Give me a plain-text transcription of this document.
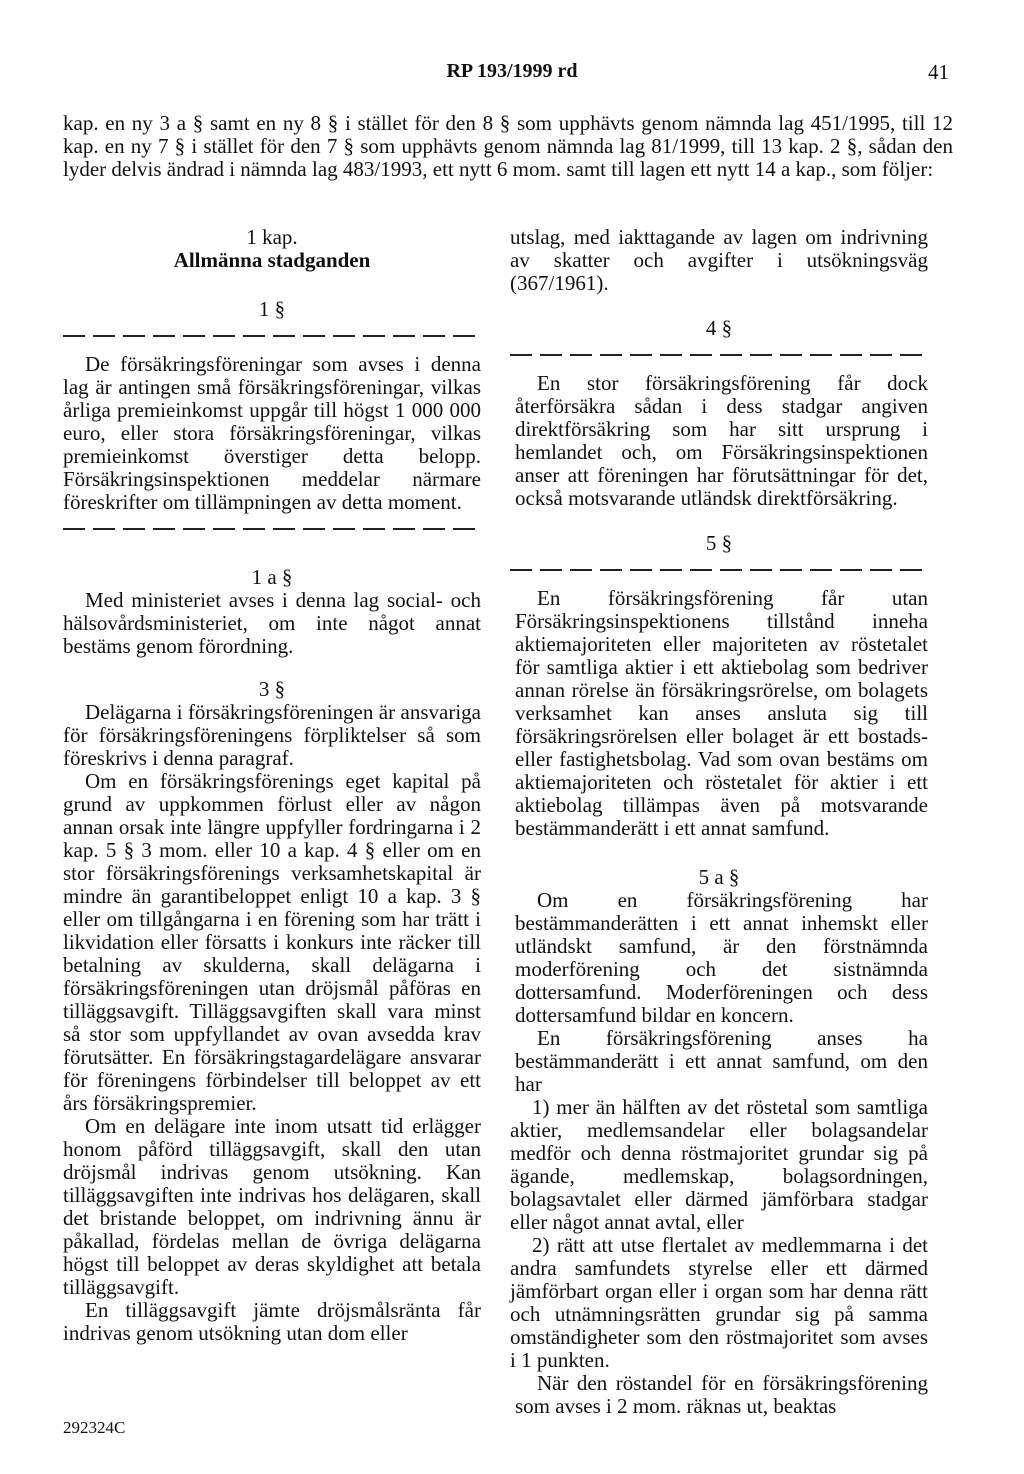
RP 193/1999 rd	41
kap. en ny 3 a § samt en ny 8 § i stället för den 8 § som upphävts genom nämnda lag 451/1995, till 12 kap. en ny 7 § i stället för den 7 § som upphävts genom nämnda lag 81/1999, till 13 kap. 2 §, sådan den lyder delvis ändrad i nämnda lag 483/1993, ett nytt 6 mom. samt till lagen ett nytt 14 a kap., som följer:
1 kap.
Allmänna stadganden
1 §

De försäkringsföreningar som avses i denna lag är antingen små försäkringsföreningar, vilkas årliga premieinkomst uppgår till högst 1 000 000 euro, eller stora försäkringsföreningar, vilkas premieinkomst överstiger detta belopp. Försäkringsinspektionen meddelar närmare föreskrifter om tillämpningen av detta moment.

1 a §

Med ministeriet avses i denna lag social- och hälsovårdsministeriet, om inte något annat bestäms genom förordning.

3 §

Delägarna i försäkringsföreningen är ansvariga för försäkringsföreningens förpliktelser så som föreskrivs i denna paragraf.

Om en försäkringsförenings eget kapital på grund av uppkommen förlust eller av någon annan orsak inte längre uppfyller fordringarna i 2 kap. 5 § 3 mom. eller 10 a kap. 4 § eller om en stor försäkringsförenings verksamhetskapital är mindre än garantibeloppet enligt 10 a kap. 3 § eller om tillgångarna i en förening som har trätt i likvidation eller försatts i konkurs inte räcker till betalning av skulderna, skall delägarna i försäkringsföreningen utan dröjsmål påföras en tilläggsavgift. Tilläggsavgiften skall vara minst så stor som uppfyllandet av ovan avsedda krav förutsätter. En försäkringstagardelägare ansvarar för föreningens förbindelser till beloppet av ett års försäkringspremier.

Om en delägare inte inom utsatt tid erlägger honom påförd tilläggsavgift, skall den utan dröjsmål indrivas genom utsökning. Kan tilläggsavgiften inte indrivas hos delägaren, skall det bristande beloppet, om indrivning ännu är påkallad, fördelas mellan de övriga delägarna högst till beloppet av deras skyldighet att betala tilläggsavgift.

En tilläggsavgift jämte dröjsmålsränta får indrivas genom utsökning utan dom eller

utslag, med iakttagande av lagen om indrivning av skatter och avgifter i utsökningsväg (367/1961).

4 §

En stor försäkringsförening får dock återförsäkra sådan i dess stadgar angiven direktförsäkring som har sitt ursprung i hemlandet och, om Försäkringsinspektionen anser att föreningen har förutsättningar för det, också motsvarande utländsk direktförsäkring.

5 §

En försäkringsförening får utan Försäkringsinspektionens tillstånd inneha aktiemajoriteten eller majoriteten av röstetalet för samtliga aktier i ett aktiebolag som bedriver annan rörelse än försäkringsrörelse, om bolagets verksamhet kan anses ansluta sig till försäkringsrörelsen eller bolaget är ett bostads- eller fastighetsbolag. Vad som ovan bestäms om aktiemajoriteten och röstetalet för aktier i ett aktiebolag tillämpas även på motsvarande bestämmanderätt i ett annat samfund.

5 a §

Om en försäkringsförening har bestämmanderätten i ett annat inhemskt eller utländskt samfund, är den förstnämnda moderförening och det sistnämnda dottersamfund. Moderföreningen och dess dottersamfund bildar en koncern.

En försäkringsförening anses ha bestämmanderätt i ett annat samfund, om den har

1) mer än hälften av det röstetal som samtliga aktier, medlemsandelar eller bolagsandelar medför och denna röstmajoritet grundar sig på ägande, medlemskap, bolagsordningen, bolagsavtalet eller därmed jämförbara stadgar eller något annat avtal, eller

2) rätt att utse flertalet av medlemmarna i det andra samfundets styrelse eller ett därmed jämförbart organ eller i organ som har denna rätt och utnämningsrätten grundar sig på samma omständigheter som den röstmajoritet som avses i 1 punkten.

När den röstandel för en försäkringsförening som avses i 2 mom. räknas ut, beaktas

292324C
